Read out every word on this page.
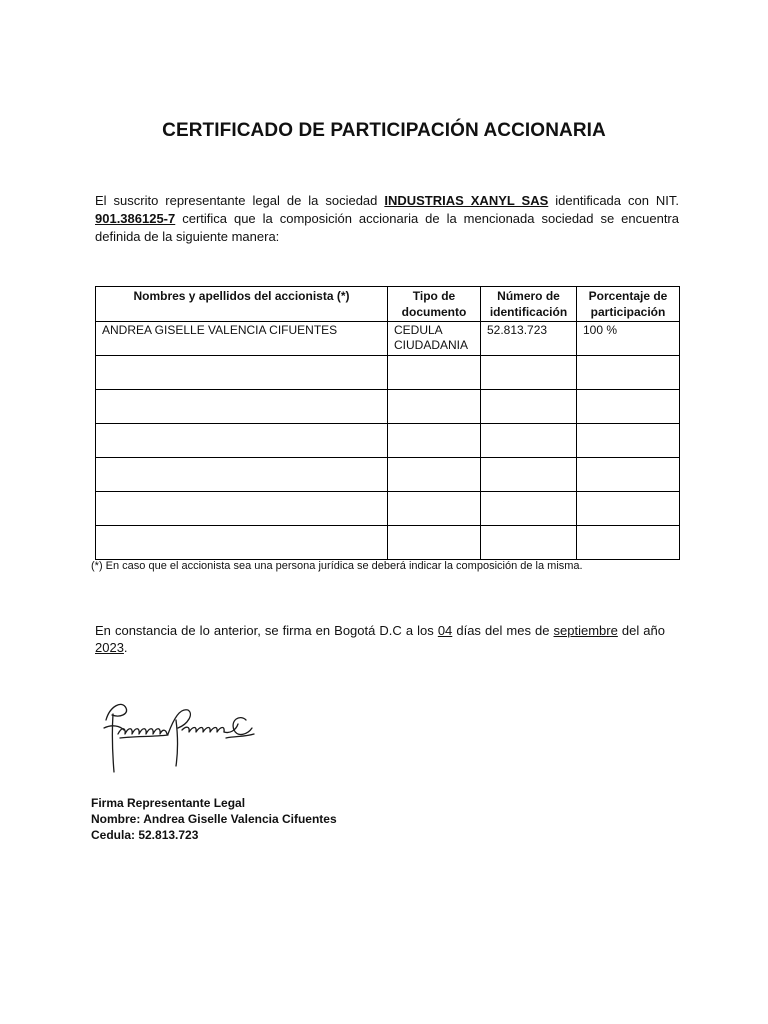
CERTIFICADO DE PARTICIPACIÓN ACCIONARIA

El suscrito representante legal de la sociedad INDUSTRIAS XANYL SAS identificada con NIT. 901.386125-7 certifica que la composición accionaria de la mencionada sociedad se encuentra definida de la siguiente manera:

Nombres y apellidos del accionista (*)	Tipo de documento	Número de identificación	Porcentaje de participación
ANDREA GISELLE VALENCIA CIFUENTES	CEDULA CIUDADANIA	52.813.723	100 %

(*) En caso que el accionista sea una persona jurídica se deberá indicar la composición de la misma.

En constancia de lo anterior, se firma en Bogotá D.C a los 04 días del mes de septiembre del año 2023.

Firma Representante Legal
Nombre: Andrea Giselle Valencia Cifuentes
Cedula: 52.813.723
